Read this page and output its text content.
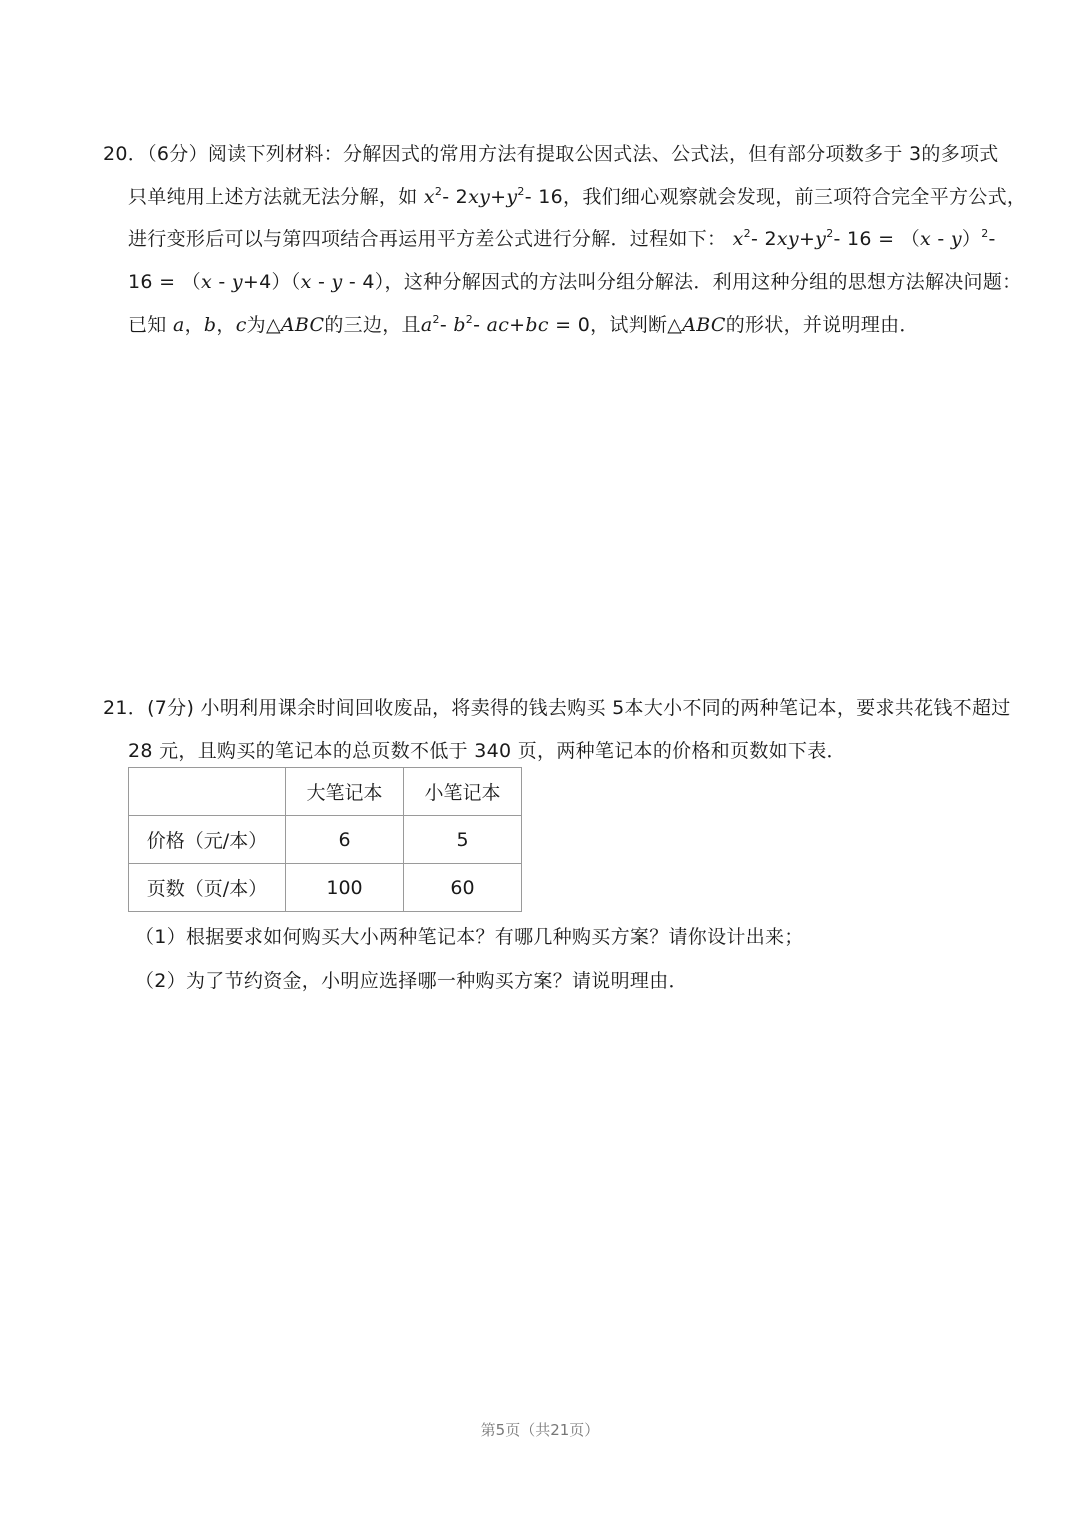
20．（6分）阅读下列材料：分解因式的常用方法有提取公因式法、公式法，但有部分项数多于 3的多项式
只单纯用上述方法就无法分解，如 $x^2-$ $2xy+y^2-$ 16，我们细心观察就会发现，前三项符合完全平方公式，
进行变形后可以与第四项结合再运用平方差公式进行分解．过程如下： $x^2-$ $2xy+y^2-$ 16 = （x - y）$^2$-
16 = （x - y+4）（x - y - 4），这种分解因式的方法叫分组分解法．利用这种分组的思想方法解决问题：
已知 a，b，c为△ABC的三边，且$a^2-$ $b^2-$ ac+bc = 0，试判断△ABC的形状，并说明理由．
21．(7分) 小明利用课余时间回收废品，将卖得的钱去购买 5本大小不同的两种笔记本，要求共花钱不超过
28 元，且购买的笔记本的总页数不低于 340 页，两种笔记本的价格和页数如下表．
	大笔记本	小笔记本
价格（元/本）	6	5
页数（页/本）	100	60
（1）根据要求如何购买大小两种笔记本？有哪几种购买方案？请你设计出来；
（2）为了节约资金，小明应选择哪一种购买方案？请说明理由．
第5页（共21页）
